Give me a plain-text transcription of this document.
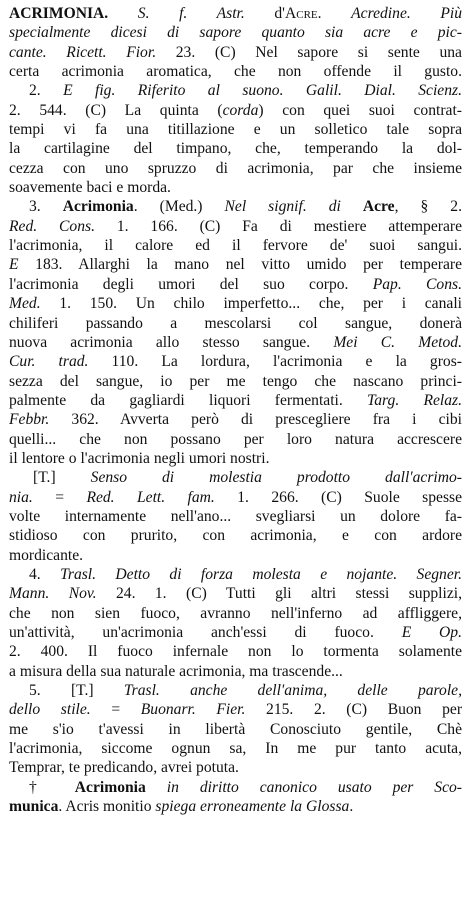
ACRIMONIA. S. f. Astr. d'Acre. Acredine. Più
specialmente dicesi di sapore quanto sia acre e pic-
cante. Ricett. Fior. 23. (C) Nel sapore si sente una
certa acrimonia aromatica, che non offende il gusto.
2. E fig. Riferito al suono. Galil. Dial. Scienz.
2. 544. (C) La quinta (corda) con quei suoi contrat-
tempi vi fa una titillazione e un solletico tale sopra
la cartilagine del timpano, che, temperando la dol-
cezza con uno spruzzo di acrimonia, par che insieme
soavemente baci e morda.
3. Acrimonia. (Med.) Nel signif. di Acre, § 2.
Red. Cons. 1. 166. (C) Fa di mestiere attemperare
l'acrimonia, il calore ed il fervore de' suoi sangui.
E 183. Allarghi la mano nel vitto umido per temperare
l'acrimonia degli umori del suo corpo. Pap. Cons.
Med. 1. 150. Un chilo imperfetto... che, per i canali
chiliferi passando a mescolarsi col sangue, donerà
nuova acrimonia allo stesso sangue. Mei C. Metod.
Cur. trad. 110. La lordura, l'acrimonia e la gros-
sezza del sangue, io per me tengo che nascano princi-
palmente da gagliardi liquori fermentati. Targ. Relaz.
Febbr. 362. Avverta però di prescegliere fra i cibi
quelli... che non possano per loro natura accrescere
il lentore o l'acrimonia negli umori nostri.
[T.] Senso di molestia prodotto dall'acrimo-
nia. = Red. Lett. fam. 1. 266. (C) Suole spesse
volte internamente nell'ano... svegliarsi un dolore fa-
stidioso con prurito, con acrimonia, e con ardore
mordicante.
4. Trasl. Detto di forza molesta e nojante. Segner.
Mann. Nov. 24. 1. (C) Tutti gli altri stessi supplizi,
che non sien fuoco, avranno nell'inferno ad affliggere,
un'attività, un'acrimonia anch'essi di fuoco. E Op.
2. 400. Il fuoco infernale non lo tormenta solamente
a misura della sua naturale acrimonia, ma trascende...
5. [T.] Trasl. anche dell'anima, delle parole,
dello stile. = Buonarr. Fier. 215. 2. (C) Buon per
me s'io t'avessi in libertà Conosciuto gentile, Chè
l'acrimonia, siccome ognun sa, In me pur tanto acuta,
Temprar, te predicando, avrei potuta.
† Acrimonia in diritto canonico usato per Sco-
munica. Acris monitio spiega erroneamente la Glossa.
